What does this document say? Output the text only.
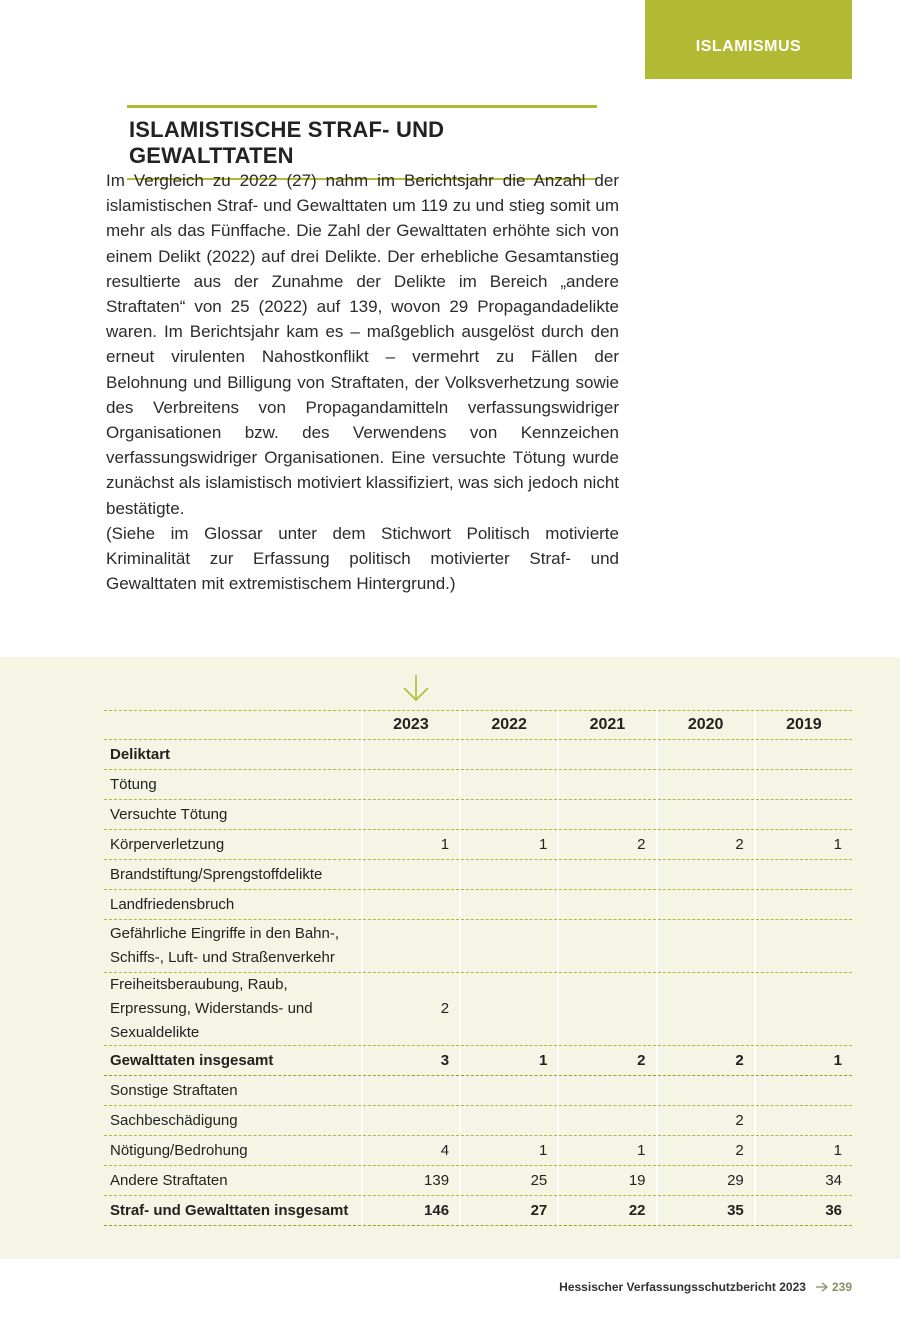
ISLAMISMUS
ISLAMISTISCHE STRAF- UND GEWALTTATEN

Im Vergleich zu 2022 (27) nahm im Berichtsjahr die Anzahl der islamistischen Straf- und Gewalttaten um 119 zu und stieg somit um mehr als das Fünffache. Die Zahl der Gewalttaten erhöhte sich von einem Delikt (2022) auf drei Delikte. Der erhebliche Gesamtanstieg resultierte aus der Zunahme der Delikte im Bereich „andere Straftaten“ von 25 (2022) auf 139, wovon 29 Propagandadelikte waren. Im Berichtsjahr kam es – maßgeblich ausgelöst durch den erneut virulenten Nahostkonflikt – vermehrt zu Fällen der Belohnung und Billigung von Straftaten, der Volksverhetzung sowie des Verbreitens von Propagandamitteln verfassungswidriger Organisationen bzw. des Verwendens von Kennzeichen verfassungswidriger Organisationen. Eine versuchte Tötung wurde zunächst als islamistisch motiviert klassifiziert, was sich jedoch nicht bestätigte.

(Siehe im Glossar unter dem Stichwort Politisch motivierte Kriminalität zur Erfassung politisch motivierter Straf- und Gewalttaten mit extremistischem Hintergrund.)

	2023	2022	2021	2020	2019
Deliktart					
Tötung					
Versuchte Tötung					
Körperverletzung	1	1	2	2	1
Brandstiftung/Sprengstoffdelikte					
Landfriedensbruch					
Gefährliche Eingriffe in den Bahn-, Schiffs-, Luft- und Straßenverkehr					
Freiheitsberaubung, Raub, Erpressung, Widerstands- und Sexualdelikte	2				
Gewalttaten insgesamt	3	1	2	2	1
Sonstige Straftaten					
Sachbeschädigung				2	
Nötigung/Bedrohung	4	1	1	2	1
Andere Straftaten	139	25	19	29	34
Straf- und Gewalttaten insgesamt	146	27	22	35	36
Hessischer Verfassungsschutzbericht 2023 239
